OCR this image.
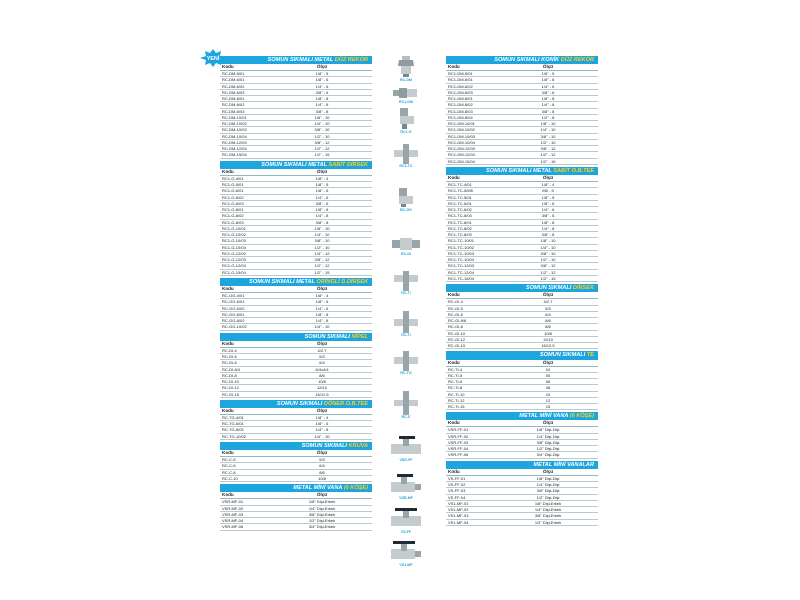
YENİ	SOMUN SIKMALI METAL DÜZ REKOR
Kodu	Ölçü
RC-DM-5/01	1/8" - 5
RC-DM-6/01	1/8" - 6
RC-DM-6/02	1/4" - 6
RC-DM-6/03	3/8" - 6
RC-DM-8/01	1/8" - 8
RC-DM-8/02	1/4" - 8
RC-DM-8/03	3/8" - 8
RC-DM-10/01	1/8" - 10
RC-DM-10/02	1/4" - 10
RC-DM-10/03	3/8" - 10
RC-DM-10/04	1/2" - 10
RC-DM-12/03	3/8" - 12
RC-DM-12/04	1/2" - 12
RC-DM-15/04	1/2" - 15
SOMUN SIKMALI METAL SABİT DİRSEK
Kodu	Ölçü
RC1-G-4/01	1/8" - 4
RC1-G-5/01	1/8" - 5
RC1-G-6/01	1/8" - 6
RC1-G-6/02	1/4" - 6
RC1-G-6/03	3/8" - 6
RC1-G-8/01	1/8" - 8
RC1-G-8/02	1/4" - 8
RC1-G-8/03	3/8" - 8
RC1-G-10/01	1/8" - 10
RC1-G-10/02	1/4" - 10
RC1-G-10/03	3/8" - 10
RC1-G-10/04	1/2" - 10
RC1-G-12/02	1/4" - 12
RC1-G-12/03	3/8" - 12
RC1-G-12/04	1/2" - 12
RC1-G-15/04	1/2" - 15
SOMUN SIKMALI METAL ORİNGLİ D.DİRSEK
Kodu	Ölçü
RC-GG-4/01	1/8" - 4
RC-GG-6/01	1/8" - 6
RC-GG-6/02	1/4" - 6
RC-GG-8/01	1/8" - 8
RC-GG-8/02	1/4" - 8
RC-GG-10/02	1/4" - 10
SOMUN SIKMALI NİPEL
Kodu	Ölçü
RC-DI-4	4/2.7
RC-DI-5	5/3
RC-DI-6	6/4
RC-DI-6/4	6/4x4/4
RC-DI-8	8/6
RC-DI-10	10/8
RC-DI-12	12/10
RC-DI-15	15/12.5
SOMUN SIKMALI DÖNER O.B.TEE
Kodu	Ölçü
RC-TG-4/01	1/8" - 4
RC-TG-6/01	1/8" - 6
RC-TG-8/02	1/4" - 8
RC-TG-10/02	1/4" - 10
SOMUN SIKMALI KRUVA
Kodu	Ölçü
RC-C-5	5/3
RC-C-6	6/4
RC-C-8	8/6
RC-C-10	10/8
METAL MİNİ VANA (6 KÖŞE)
Kodu	Ölçü
VSR-MF-01	1/8" Dişi-Erkek
VSR-MF-02	1/4" Dişi-Erkek
VSR-MF-03	3/8" Dişi-Erkek
VSR-MF-04	1/2" Dişi-Erkek
VSR-MF-06	3/4" Dişi-Erkek
SOMUN SIKMALI KONİK DÜZ REKOR
Kodu	Ölçü
RC1-DM-5/01	1/8" - 5
RC1-DM-6/01	1/8" - 6
RC1-DM-6/02	1/4" - 6
RC1-DM-6/03	3/8" - 6
RC1-DM-8/01	1/8" - 8
RC1-DM-8/02	1/4" - 8
RC1-DM-8/03	3/8" - 8
RC1-DM-8/04	1/2" - 8
RC1-DM-10/01	1/8" - 10
RC1-DM-10/02	1/4" - 10
RC1-DM-10/03	3/8" - 10
RC1-DM-10/04	1/2" - 10
RC1-DM-12/03	3/8" - 12
RC1-DM-12/04	1/2" - 12
RC1-DM-15/04	1/2" - 15
SOMUN SIKMALI METAL SABİT O.B.TEE
Kodu	Ölçü
RC1-TC-4/01	1/8" - 4
RC1-TC-5/M5	M5 - 5
RC1-TC-5/01	1/8" - 5
RC1-TC-6/01	1/8" - 6
RC1-TC-6/02	1/4" - 6
RC1-TC-6/03	3/8" - 6
RC1-TC-8/01	1/8" - 8
RC1-TC-8/02	1/4" - 8
RC1-TC-8/03	3/8" - 8
RC1-TC-10/01	1/8" - 10
RC1-TC-10/02	1/4" - 10
RC1-TC-10/03	3/8" - 10
RC1-TC-10/04	1/2" - 10
RC1-TC-12/03	3/8" - 12
RC1-TC-12/04	1/2" - 12
RC1-TC-15/04	1/2" - 15
SOMUN SIKMALI DİRSEK
Kodu	Ölçü
RC-GI-4	4/2.7
RC-GI-5	5/3
RC-GI-6	6/4
RC-GI-6/8	8/6
RC-GI-8	8/6
RC-GI-10	10/8
RC-GI-12	12/10
RC-GI-15	15/12.5
SOMUN SIKMALI TE
Kodu	Ölçü
RC-TI-4	04
RC-TI-5	05
RC-TI-6	06
RC-TI-8	08
RC-TI-10	10
RC-TI-12	12
RC-TI-15	15
METAL MİNİ VANA (6 KÖŞE)
Kodu	Ölçü
VSR-FF-01	1/8" Dişi-Dişi
VSR-FF-02	1/4" Dişi-Dişi
VSR-FF-03	3/8" Dişi-Dişi
VSR-FF-04	1/2" Dişi-Dişi
VSR-FF-06	3/4" Dişi-Dişi
METAL MİNİ VANALAR
Kodu	Ölçü
VS-FF-01	1/8" Dişi-Dişi
VS-FF-02	1/4" Dişi-Dişi
VS-FF-03	3/8" Dişi-Dişi
VS-FF-04	1/2" Dişi-Dişi
VS1-MF-01	1/8" Dişi-Erkek
VS1-MF-02	1/4" Dişi-Erkek
VS1-MF-03	3/8" Dişi-Erkek
VS1-MF-04	1/2" Dişi-Erkek
RC-DM
RC1-DM
RC1-G
RC1-TC
RC-GG
RC-DI
RC-TI
RC-TI
RC-TG
RC-C
VSR-FF
VSR-MF
VS-FF
VS1-MF
